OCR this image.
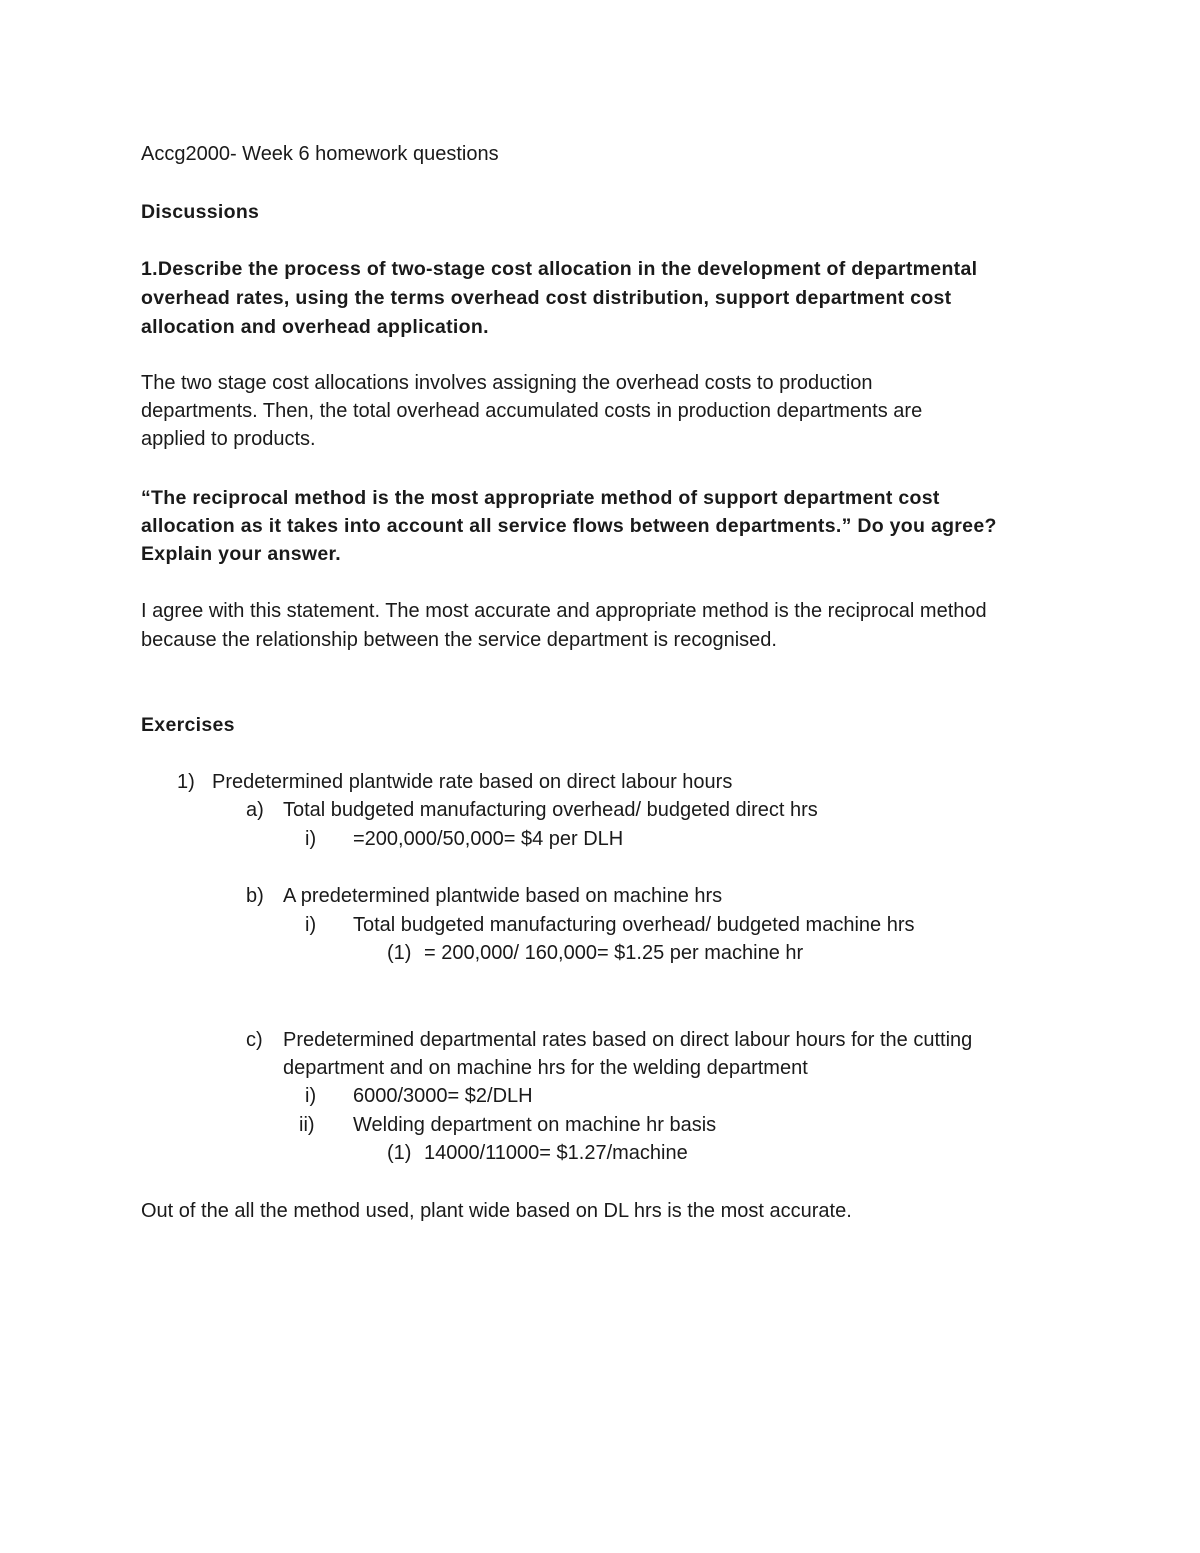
Accg2000- Week 6 homework questions
Discussions
1.Describe the process of two-stage cost allocation in the development of departmental
overhead rates, using the terms overhead cost distribution, support department cost
allocation and overhead application.
The two stage cost allocations involves assigning the overhead costs to production
departments. Then, the total overhead accumulated costs in production departments are
applied to products.
“The reciprocal method is the most appropriate method of support department cost
allocation as it takes into account all service flows between departments.” Do you agree?
Explain your answer.
I agree with this statement. The most accurate and appropriate method is the reciprocal method
because the relationship between the service department is recognised.
Exercises
1) Predetermined plantwide rate based on direct labour hours
a) Total budgeted manufacturing overhead/ budgeted direct hrs
i) =200,000/50,000= $4 per DLH
b) A predetermined plantwide based on machine hrs
i) Total budgeted manufacturing overhead/ budgeted machine hrs
(1) = 200,000/ 160,000= $1.25 per machine hr
c) Predetermined departmental rates based on direct labour hours for the cutting
department and on machine hrs for the welding department
i) 6000/3000= $2/DLH
ii) Welding department on machine hr basis
(1) 14000/11000= $1.27/machine
Out of the all the method used, plant wide based on DL hrs is the most accurate.
